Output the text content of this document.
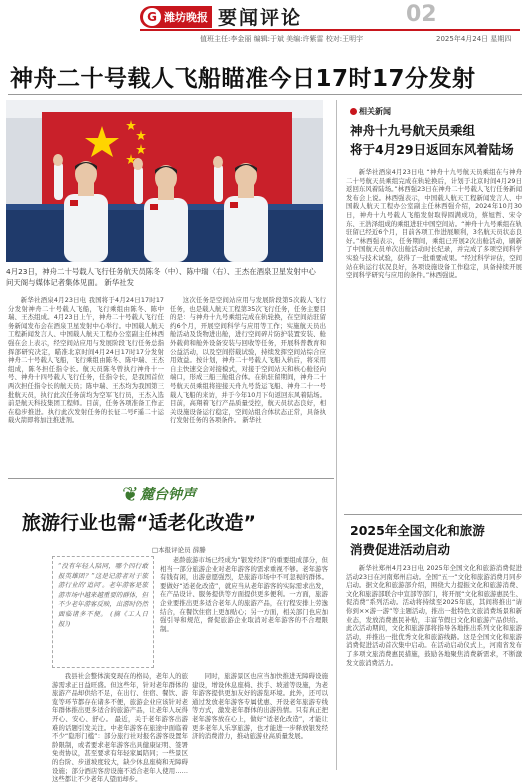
G 潍坊晚报 要闻评论	02
值班主任:李金丽 编辑:于斌 美编:许紫雷 校对:王明宇	2025年4月24日 星期四
神舟二十号载人飞船瞄准今日17时17分发射
4月23日，神舟二十号载人飞行任务航天员陈冬（中）、陈中瑞（右）、王杰在酒泉卫星发射中心问天阁与媒体记者集体见面。 新华社发
新华社酒泉4月23日电 我国将于4月24日17时17分发射神舟二十号载人飞船，飞行乘组由陈冬、陈中瑞、王杰组成。4月23日上午，神舟二十号载人飞行任务新闻发布会在酒泉卫星发射中心举行。中国载人航天工程新闻发言人、中国载人航天工程办公室副主任林西强在会上表示，经空间站应用与发展阶段飞行任务总指挥部研究决定，瞄准北京时间4月24日17时17分发射神舟二十号载人飞船，飞行乘组由陈冬、陈中瑞、王杰组成，陈冬担任指令长。航天员陈冬曾执行神舟十一号、神舟十四号载人飞行任务，任指令长，是我国首位两次担任指令长的航天员；陈中瑞、王杰均为我国第三批航天员，执行此次任务前均为空军飞行员，王杰入选前是航天科技集团工程师。目前，任务各项准备工作正在稳步推进。执行此次发射任务的长征二号F遥二十运载火箭即将加注推进剂。
这次任务是空间站应用与发展阶段第5次载人飞行任务，也是载人航天工程第35次飞行任务，任务主要目的是：与神舟十九号乘组完成在轨轮换，在空间站驻留约6个月，开展空间科学与应用等工作；实施航天员出舱活动及货物进出舱，进行空间碎片防护装置安装、舱外载荷和舱外设备安装与回收等任务，开展科普教育和公益活动，以及空间搭载试验，持续发挥空间站综合应用效益。按计划，神舟二十号载人飞船入轨后，将采用自主快速交会对接模式，对接于空间站天和核心舱径向端口，形成三船三舱组合体。在轨驻留期间，神舟二十号航天员乘组将迎接天舟九号货运飞船、神舟二十一号载人飞船的来访，并于今年10月下旬返回东风着陆场。目前，高翔着飞行产品质量受控，航天员状态良好，相关设施设备运行稳定，空间站组合体状态正常，具备执行发射任务的各项条件。 新华社
相关新闻
神舟十九号航天员乘组
将于4月29日返回东风着陆场
新华社酒泉4月23日电 “神舟十九号航天员乘组在与神舟二十号航天员乘组完成在轨轮换后，计划于北京时间4月29日返回东风着陆场。”林西强23日在神舟二十号载人飞行任务新闻发布会上说。林西强表示，中国载人航天工程新闻发言人、中国载人航天工程办公室副主任林西强介绍，2024年10月30日，神舟十九号载人飞船发射取得圆满成功，蔡旭哲、宋令东、王浩泽组成的乘组进驻中国空间站。“神舟十九号乘组在轨驻留已经近6个月，目前各项工作进展顺利，3名航天员状态良好。”林西强表示，任务期间，乘组已开展2次出舱活动，刷新了中国航天员单次出舱活动时长纪录，并完成了多项空间科学实验与技术试验，获得了一批重要成果。“经过科学评估，空间站在轨运行状况良好，各项设施设备工作稳定，具备持续开展空间科学研究与应用的条件。”林西强说。
2025年全国文化和旅游
消费促进活动启动
新华社郑州4月23日电 2025年全国文化和旅游消费促进活动23日在河南郑州启动。全国“五一”文化和旅游消费月同步启动。据文化和旅游部介绍，围绕大力提振文化和旅游消费、文化和旅游部联合中宣部等部门，将开展“文化和旅游惠民生、促消费”系列活动。活动将持续至2025年底，其间将推出“请你到××游一游”等主题活动，推出一批特色文旅消费场景和新业态，发放消费惠民补贴，丰富节假日文化和旅游产品供给。此次活动期间，文化和旅游部将指导各地推出系列文化和旅游活动，并推出一批优秀文化和旅游线路。这是全国文化和旅游消费促进活动首次集中启动。在活动启动仪式上，河南省发布了多项文旅消费惠民措施，鼓励各地聚焦消费新需求，不断激发文旅消费活力。
❦ 麓台钟声
旅游行业也需“适老化改造”
□本报评论员 薛滕
“没有年轻人陪同，哪个四行敢报英雄团？”这是记游者对于旅游行业的‘追问’。老年游客是旅游市场中越来越重要的群体，但不少老年游客反映，出游时仍然面临诸多不便。 (摘《工人日报》)
老龄旅游市场已经成为“银发经济”的重要组成部分，但相当一部分旅游企业对老年游客的需求重视不够。老年游客有钱有闲，出游意愿强烈，是旅游市场中不可忽视的群体。要做好“适老化改造”，就应当从老年游客的实际需求出发，在产品设计、服务提供等方面提供更多便利。一方面，旅游企业要推出更多适合老年人的旅游产品，在行程安排上劳逸结合，在餐饮住宿上更加贴心；另一方面，相关部门也应加强引导和规范，督促旅游企业取消对老年游客的不合理限制。
我县社会整体演变现在的格局，老年人的旅游需求正日益旺盛。但这些年，针对老年群体的旅游产品却供给不足，在出行、住宿、餐饮、游览等环节都存在诸多不便，旅游企业应该针对老年群体推出更多适合的旅游产品，让老年人玩得开心、安心、舒心。 最近，关于老年游客出游难的话题引发关注。中老年游客在旅途中面临着不少“隐形门槛”：部分旅行社对报名游客设置年龄限制，或者要求老年游客出具健康证明、签署免责协议，甚至要求有年轻家属陪同；一些景区的台阶、步道坡度较大，缺少休息座椅和无障碍设施；部分酒店客房设施不适合老年人使用……这些都让不少老年人望而却步。
同时，旅游景区也应当加快推进无障碍设施建设，增设休息座椅、扶手、坡道等设施，为老年游客提供更加友好的游览环境。此外，还可以通过发放老年游客专属优惠、开设老年旅游专线等方式，激发老年群体的出游热情。只有真正把老年游客放在心上，做好“适老化改造”，才能让更多老年人乐享旅游，也才能进一步释放银发经济的消费潜力，推动旅游业高质量发展。
